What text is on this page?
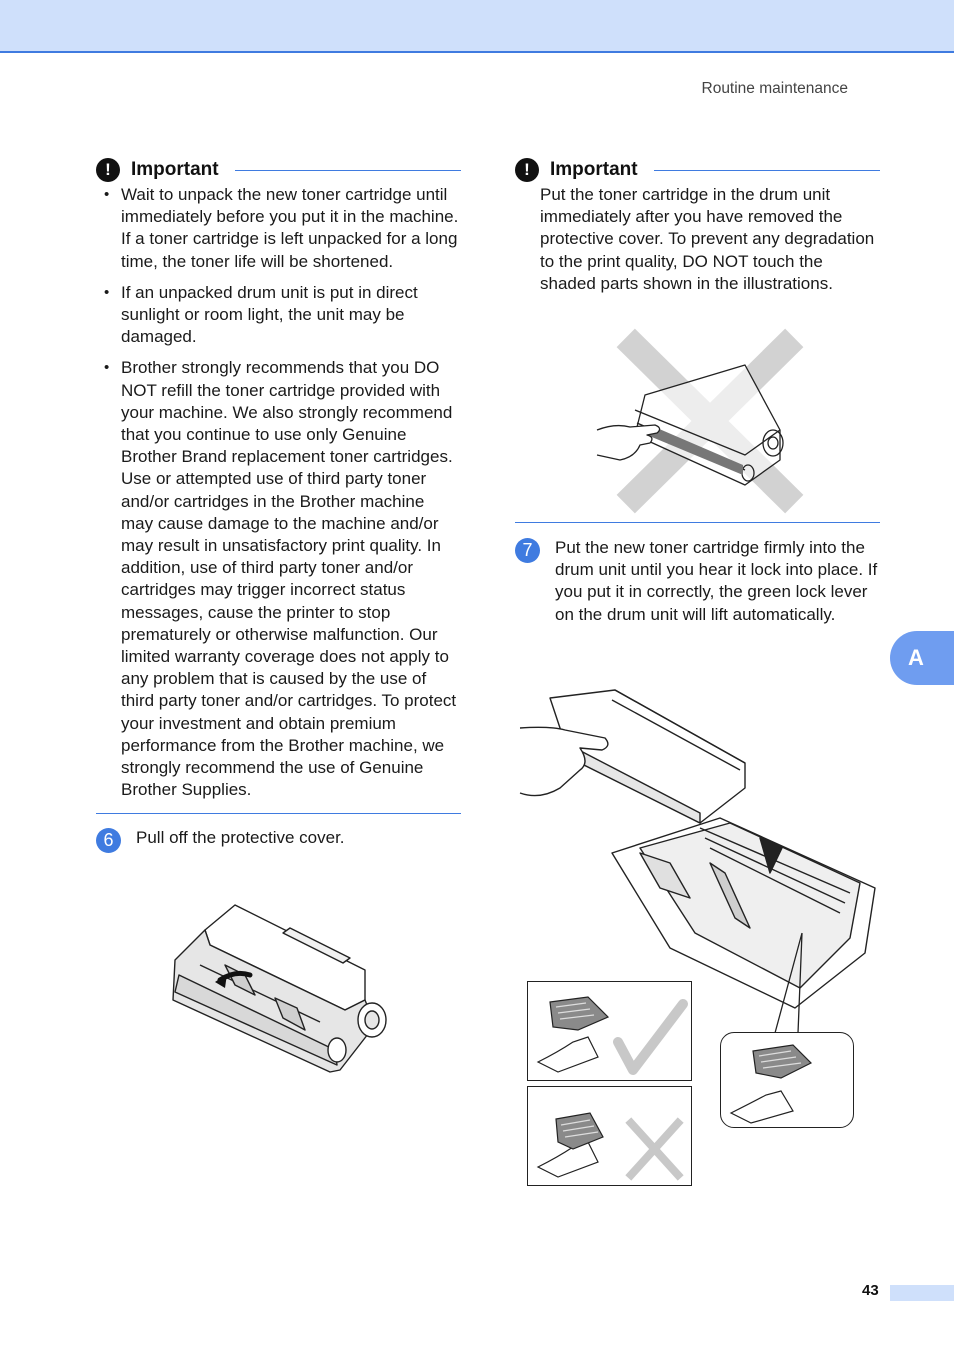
Routine maintenance
!	Important
• Wait to unpack the new toner cartridge until immediately before you put it in the machine. If a toner cartridge is left unpacked for a long time, the toner life will be shortened.
• If an unpacked drum unit is put in direct sunlight or room light, the unit may be damaged.
• Brother strongly recommends that you DO NOT refill the toner cartridge provided with your machine. We also strongly recommend that you continue to use only Genuine Brother Brand replacement toner cartridges. Use or attempted use of third party toner and/or cartridges in the Brother machine may cause damage to the machine and/or may result in unsatisfactory print quality. In addition, use of third party toner and/or cartridges may trigger incorrect status messages, cause the printer to stop prematurely or otherwise malfunction. Our limited warranty coverage does not apply to any problem that is caused by the use of third party toner and/or cartridges. To protect your investment and obtain premium performance from the Brother machine, we strongly recommend the use of Genuine Brother Supplies.
6	Pull off the protective cover.
!	Important

Put the toner cartridge in the drum unit immediately after you have removed the protective cover. To prevent any degradation to the print quality, DO NOT touch the shaded parts shown in the illustrations.

7	Put the new toner cartridge firmly into the drum unit until you hear it lock into place. If you put it in correctly, the green lock lever on the drum unit will lift automatically.
A
43
